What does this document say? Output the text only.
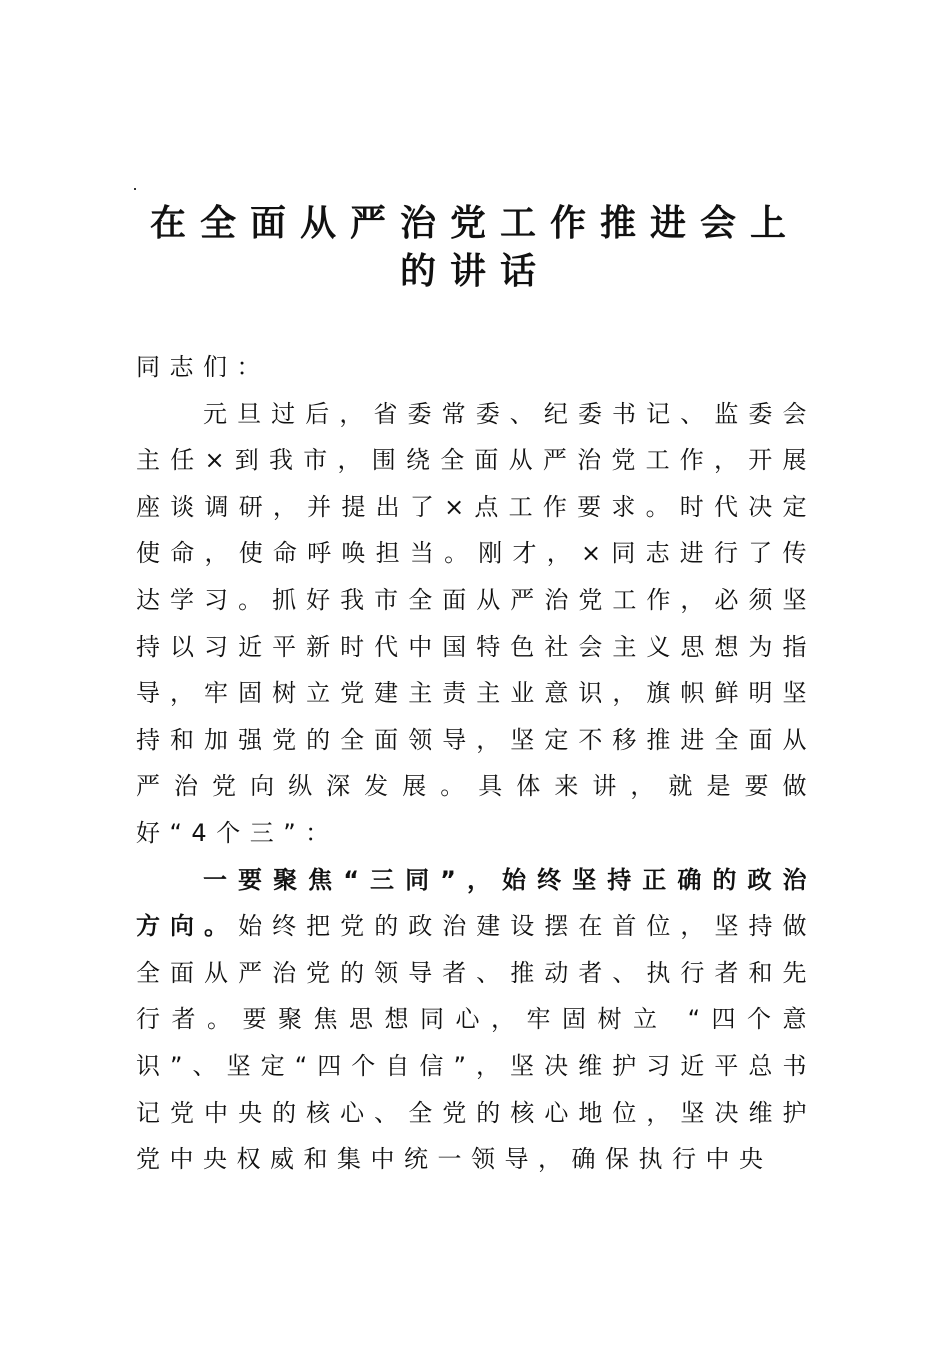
在全面从严治党工作推进会上
的讲话

同志们：

元旦过后，省委常委、纪委书记、监委会主任×到我市，围绕全面从严治党工作，开展座谈调研，并提出了×点工作要求。时代决定使命，使命呼唤担当。刚才，×同志进行了传达学习。抓好我市全面从严治党工作，必须坚持以习近平新时代中国特色社会主义思想为指导，牢固树立党建主责主业意识，旗帜鲜明坚持和加强党的全面领导，坚定不移推进全面从严治党向纵深发展。具体来讲，就是要做好“4个三”：

一要聚焦“三同”，始终坚持正确的政治方向。始终把党的政治建设摆在首位，坚持做全面从严治党的领导者、推动者、执行者和先行者。要聚焦思想同心，牢固树立 “四个意识”、坚定“四个自信”，坚决维护习近平总书记党中央的核心、全党的核心地位，坚决维护党中央权威和集中统一领导，确保执行中央
